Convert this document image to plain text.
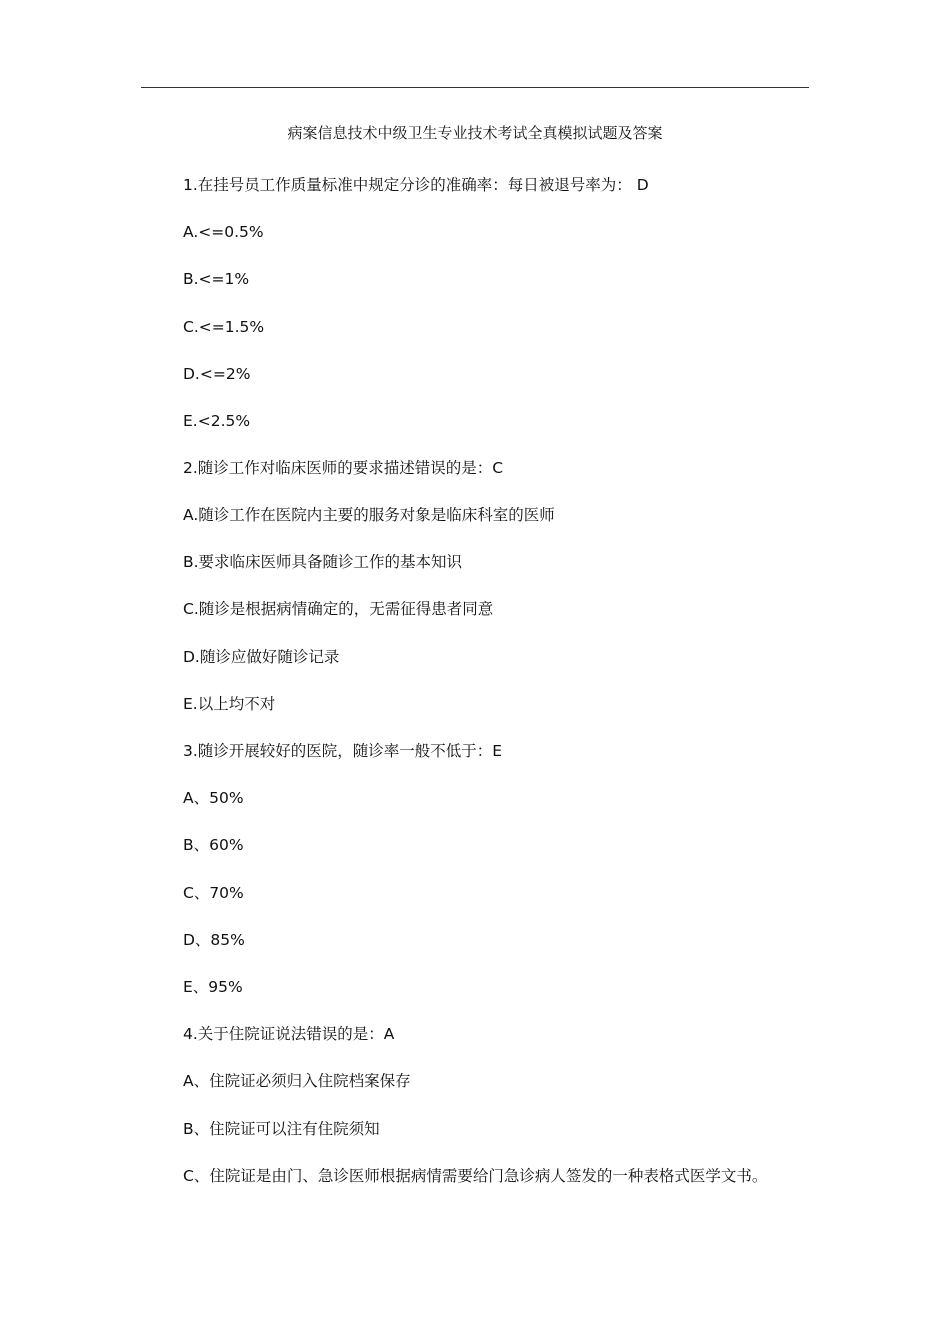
病案信息技术中级卫生专业技术考试全真模拟试题及答案
1.在挂号员工作质量标准中规定分诊的准确率：每日被退号率为： D
A.<=0.5%
B.<=1%
C.<=1.5%
D.<=2%
E.<2.5%
2.随诊工作对临床医师的要求描述错误的是：C
A.随诊工作在医院内主要的服务对象是临床科室的医师
B.要求临床医师具备随诊工作的基本知识
C.随诊是根据病情确定的，无需征得患者同意
D.随诊应做好随诊记录
E.以上均不对
3.随诊开展较好的医院，随诊率一般不低于：E
A、50%
B、60%
C、70%
D、85%
E、95%
4.关于住院证说法错误的是：A
A、住院证必须归入住院档案保存
B、住院证可以注有住院须知
C、住院证是由门、急诊医师根据病情需要给门急诊病人签发的一种表格式医学文书。
